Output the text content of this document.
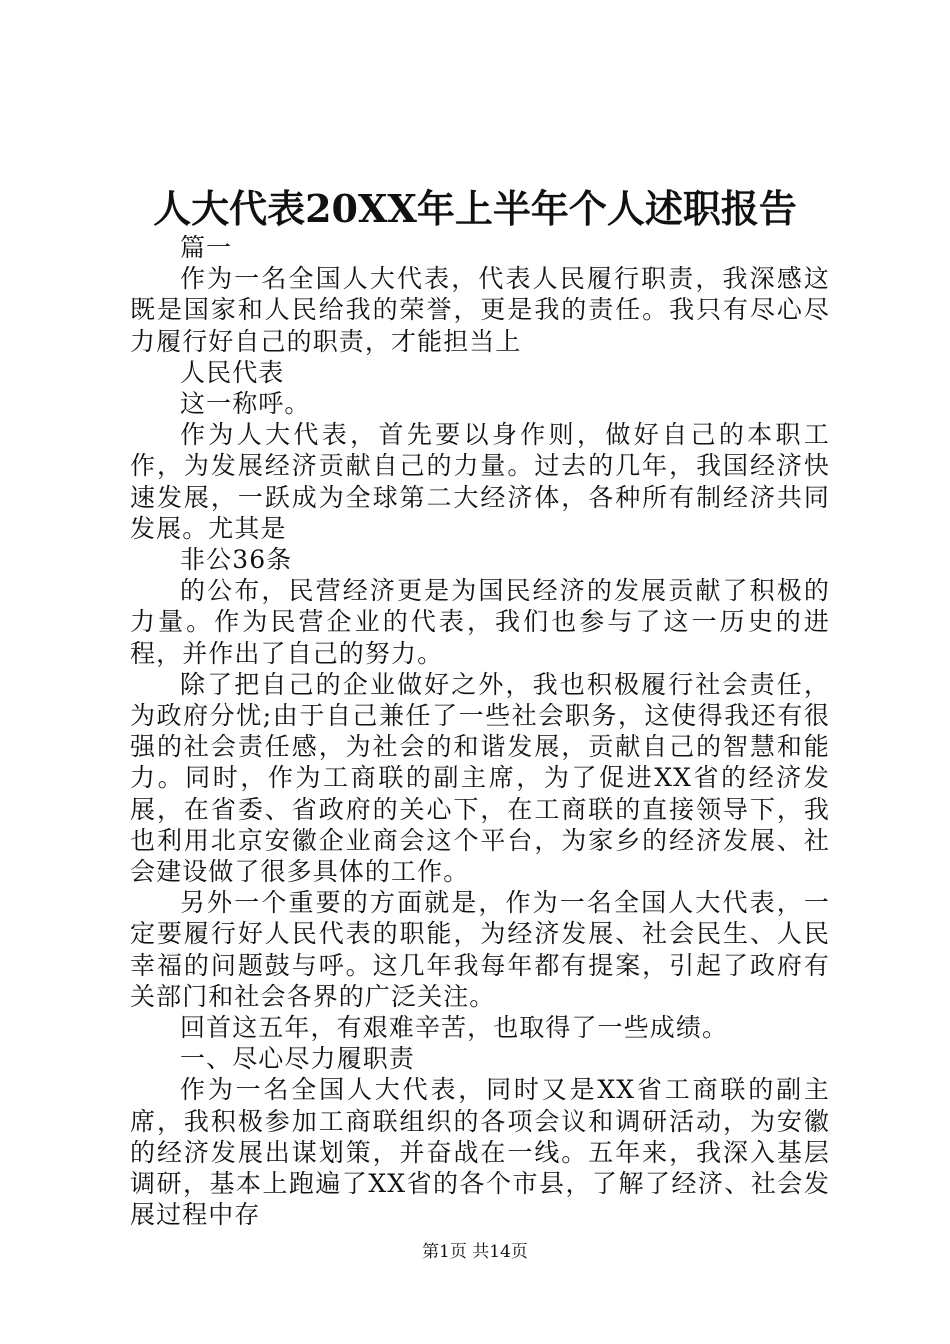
人大代表20XX年上半年个人述职报告

篇一

作为一名全国人大代表，代表人民履行职责，我深感这既是国家和人民给我的荣誉，更是我的责任。我只有尽心尽力履行好自己的职责，才能担当上

人民代表

这一称呼。

作为人大代表，首先要以身作则，做好自己的本职工作，为发展经济贡献自己的力量。过去的几年，我国经济快速发展，一跃成为全球第二大经济体，各种所有制经济共同发展。尤其是

非公36条

的公布，民营经济更是为国民经济的发展贡献了积极的力量。作为民营企业的代表，我们也参与了这一历史的进程，并作出了自己的努力。

除了把自己的企业做好之外，我也积极履行社会责任，为政府分忧;由于自己兼任了一些社会职务，这使得我还有很强的社会责任感，为社会的和谐发展，贡献自己的智慧和能力。同时，作为工商联的副主席，为了促进XX省的经济发展，在省委、省政府的关心下，在工商联的直接领导下，我也利用北京安徽企业商会这个平台，为家乡的经济发展、社会建设做了很多具体的工作。

另外一个重要的方面就是，作为一名全国人大代表，一定要履行好人民代表的职能，为经济发展、社会民生、人民幸福的问题鼓与呼。这几年我每年都有提案，引起了政府有关部门和社会各界的广泛关注。

回首这五年，有艰难辛苦，也取得了一些成绩。

一、尽心尽力履职责

作为一名全国人大代表，同时又是XX省工商联的副主席，我积极参加工商联组织的各项会议和调研活动，为安徽的经济发展出谋划策，并奋战在一线。五年来，我深入基层调研，基本上跑遍了XX省的各个市县，了解了经济、社会发展过程中存

第1页 共14页
